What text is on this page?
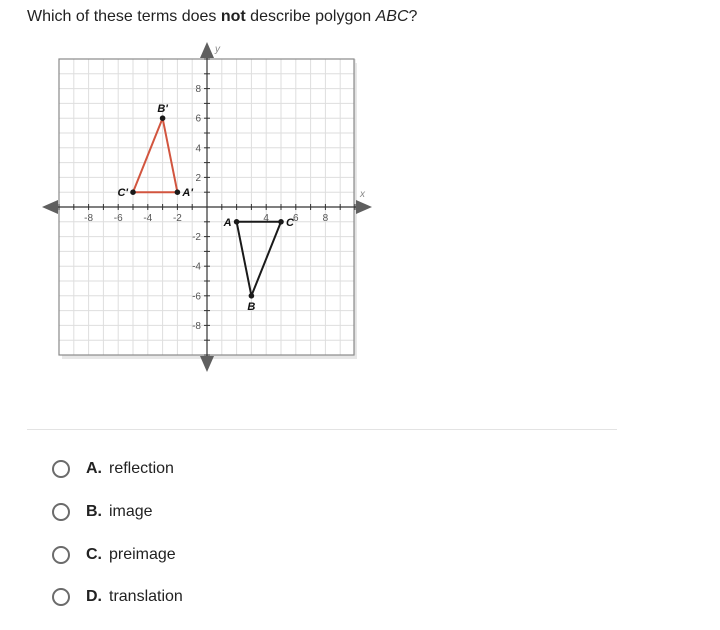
Which of these terms does not describe polygon ABC?
x
y
-8 -6 -4 -2	4 6 8
8
6
4
2
-2
-4
-6
-8
A
B
C
A'
B'
C'
A. reflection
B. image
C. preimage
D. translation
